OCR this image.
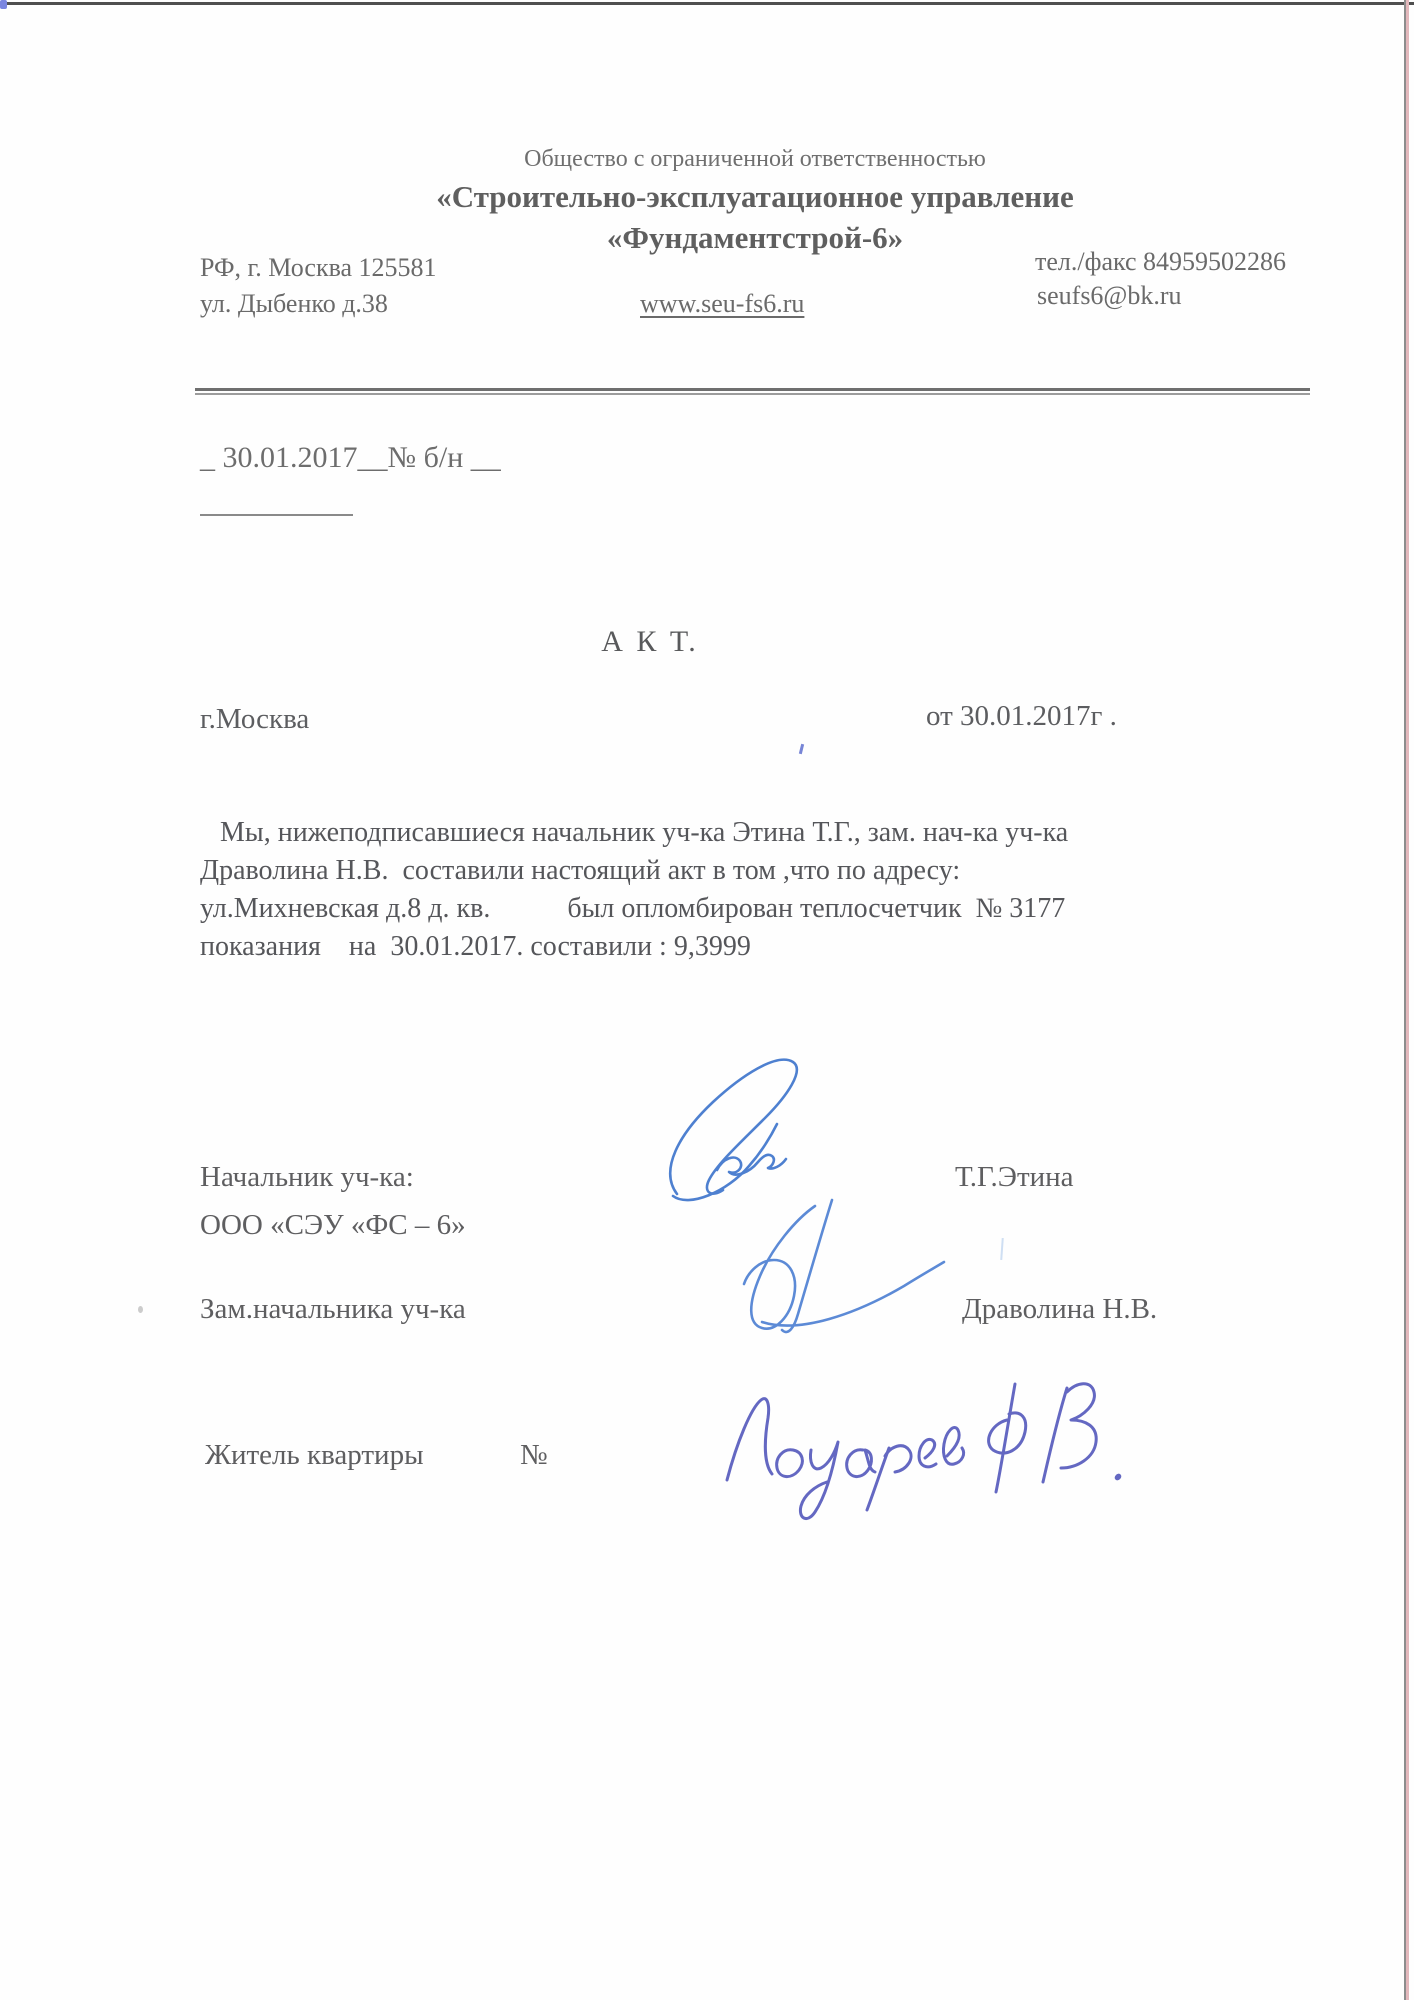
Общество с ограниченной ответственностью
«Строительно-эксплуатационное управление
«Фундаментстрой-6»
РФ, г. Москва 125581
ул. Дыбенко д.38	www.seu-fs6.ru
тел./факс 84959502286
seufs6@bk.ru
_ 30.01.2017__№ б/н __
А К Т.
г.Москва	от 30.01.2017г .
Мы, нижеподписавшиеся начальник уч-ка Этина Т.Г., зам. нач-ка уч-ка
Драволина Н.В.  составили настоящий акт в том ,что по адресу:
ул.Михневская д.8 д. кв.           был опломбирован теплосчетчик  № 3177
показания    на  30.01.2017. составили : 9,3999
Начальник уч-ка:
ООО «СЭУ «ФС – 6»
Т.Г.Этина
Зам.начальника уч-ка	Драволина Н.В.
Житель квартиры	№
